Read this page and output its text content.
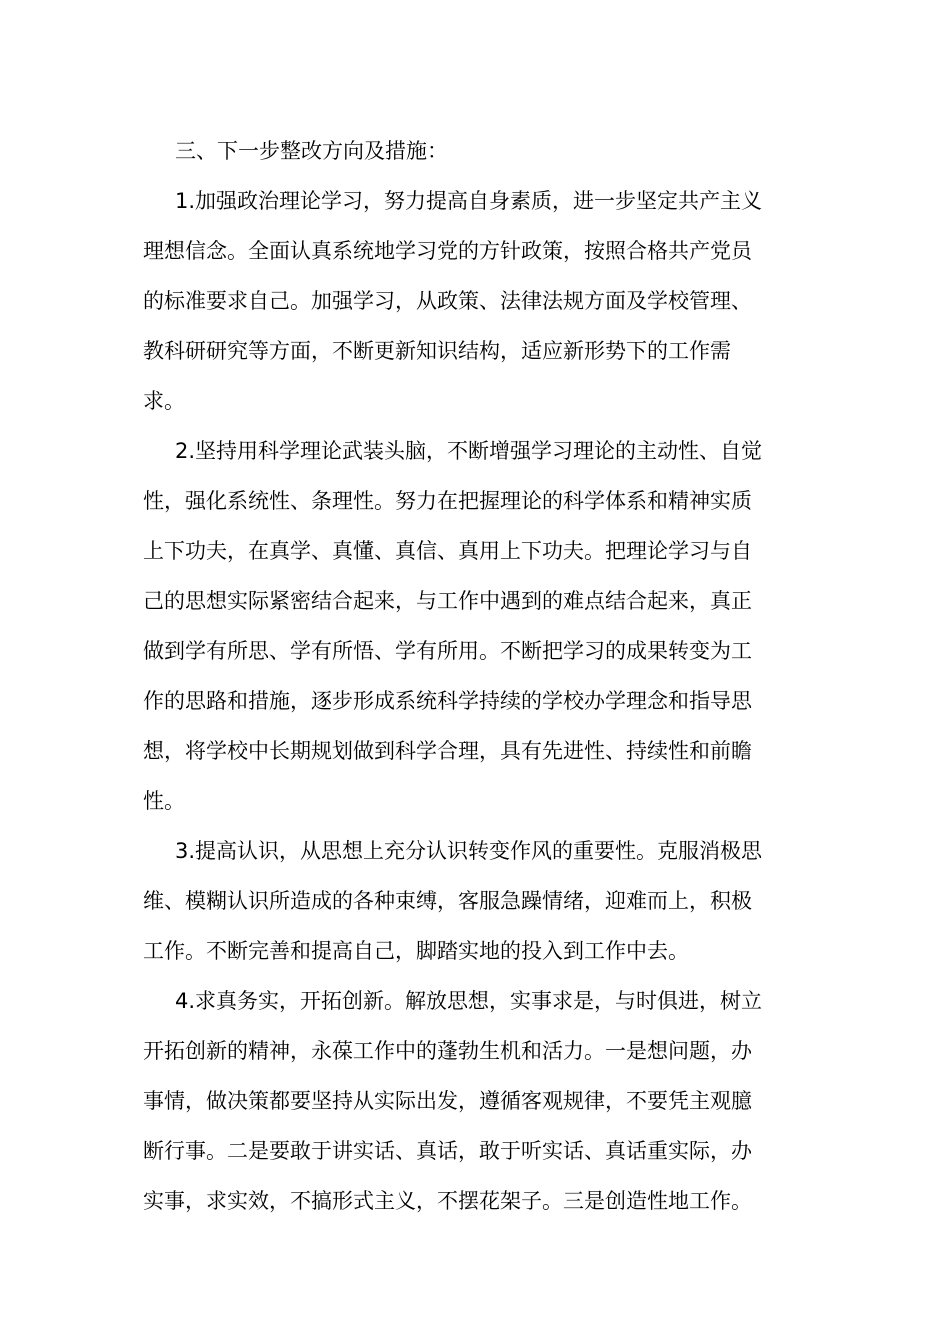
三、下一步整改方向及措施：

1.加强政治理论学习，努力提高自身素质，进一步坚定共产主义
理想信念。全面认真系统地学习党的方针政策，按照合格共产党员
的标准要求自己。加强学习，从政策、法律法规方面及学校管理、
教科研研究等方面，不断更新知识结构，适应新形势下的工作需
求。

2.坚持用科学理论武装头脑，不断增强学习理论的主动性、自觉
性，强化系统性、条理性。努力在把握理论的科学体系和精神实质
上下功夫，在真学、真懂、真信、真用上下功夫。把理论学习与自
己的思想实际紧密结合起来，与工作中遇到的难点结合起来，真正
做到学有所思、学有所悟、学有所用。不断把学习的成果转变为工
作的思路和措施，逐步形成系统科学持续的学校办学理念和指导思
想，将学校中长期规划做到科学合理，具有先进性、持续性和前瞻
性。

3.提高认识，从思想上充分认识转变作风的重要性。克服消极思
维、模糊认识所造成的各种束缚，客服急躁情绪，迎难而上，积极
工作。不断完善和提高自己，脚踏实地的投入到工作中去。

4.求真务实，开拓创新。解放思想，实事求是，与时俱进，树立
开拓创新的精神，永葆工作中的蓬勃生机和活力。一是想问题，办
事情，做决策都要坚持从实际出发，遵循客观规律，不要凭主观臆
断行事。二是要敢于讲实话、真话，敢于听实话、真话重实际，办
实事，求实效，不搞形式主义，不摆花架子。三是创造性地工作。
